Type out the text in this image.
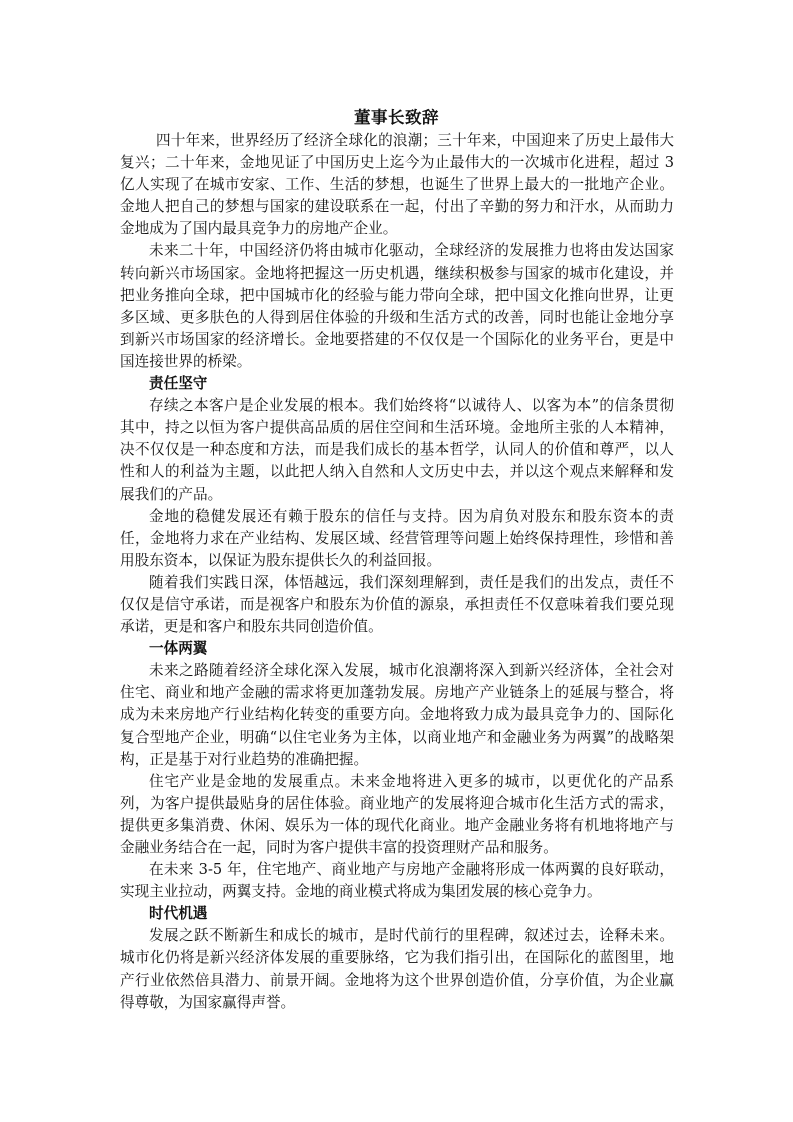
董事长致辞

四十年来，世界经历了经济全球化的浪潮；三十年来，中国迎来了历史上最伟大复兴；二十年来，金地见证了中国历史上迄今为止最伟大的一次城市化进程，超过 3 亿人实现了在城市安家、工作、生活的梦想，也诞生了世界上最大的一批地产企业。金地人把自己的梦想与国家的建设联系在一起，付出了辛勤的努力和汗水，从而助力金地成为了国内最具竞争力的房地产企业。

未来二十年，中国经济仍将由城市化驱动，全球经济的发展推力也将由发达国家转向新兴市场国家。金地将把握这一历史机遇，继续积极参与国家的城市化建设，并把业务推向全球，把中国城市化的经验与能力带向全球，把中国文化推向世界，让更多区域、更多肤色的人得到居住体验的升级和生活方式的改善，同时也能让金地分享到新兴市场国家的经济增长。金地要搭建的不仅仅是一个国际化的业务平台，更是中国连接世界的桥梁。

责任坚守

存续之本客户是企业发展的根本。我们始终将“以诚待人、以客为本”的信条贯彻其中，持之以恒为客户提供高品质的居住空间和生活环境。金地所主张的人本精神，决不仅仅是一种态度和方法，而是我们成长的基本哲学，认同人的价值和尊严，以人性和人的利益为主题，以此把人纳入自然和人文历史中去，并以这个观点来解释和发展我们的产品。

金地的稳健发展还有赖于股东的信任与支持。因为肩负对股东和股东资本的责任，金地将力求在产业结构、发展区域、经营管理等问题上始终保持理性，珍惜和善用股东资本，以保证为股东提供长久的利益回报。

随着我们实践日深，体悟越远，我们深刻理解到，责任是我们的出发点，责任不仅仅是信守承诺，而是视客户和股东为价值的源泉，承担责任不仅意味着我们要兑现承诺，更是和客户和股东共同创造价值。

一体两翼

未来之路随着经济全球化深入发展，城市化浪潮将深入到新兴经济体，全社会对住宅、商业和地产金融的需求将更加蓬勃发展。房地产产业链条上的延展与整合，将成为未来房地产行业结构化转变的重要方向。金地将致力成为最具竞争力的、国际化复合型地产企业，明确“以住宅业务为主体，以商业地产和金融业务为两翼”的战略架构，正是基于对行业趋势的准确把握。

住宅产业是金地的发展重点。未来金地将进入更多的城市，以更优化的产品系列，为客户提供最贴身的居住体验。商业地产的发展将迎合城市化生活方式的需求，提供更多集消费、休闲、娱乐为一体的现代化商业。地产金融业务将有机地将地产与金融业务结合在一起，同时为客户提供丰富的投资理财产品和服务。

在未来 3-5 年，住宅地产、商业地产与房地产金融将形成一体两翼的良好联动，实现主业拉动，两翼支持。金地的商业模式将成为集团发展的核心竞争力。

时代机遇

发展之跃不断新生和成长的城市，是时代前行的里程碑，叙述过去，诠释未来。城市化仍将是新兴经济体发展的重要脉络，它为我们指引出，在国际化的蓝图里，地产行业依然倍具潜力、前景开阔。金地将为这个世界创造价值，分享价值，为企业赢得尊敬，为国家赢得声誉。
